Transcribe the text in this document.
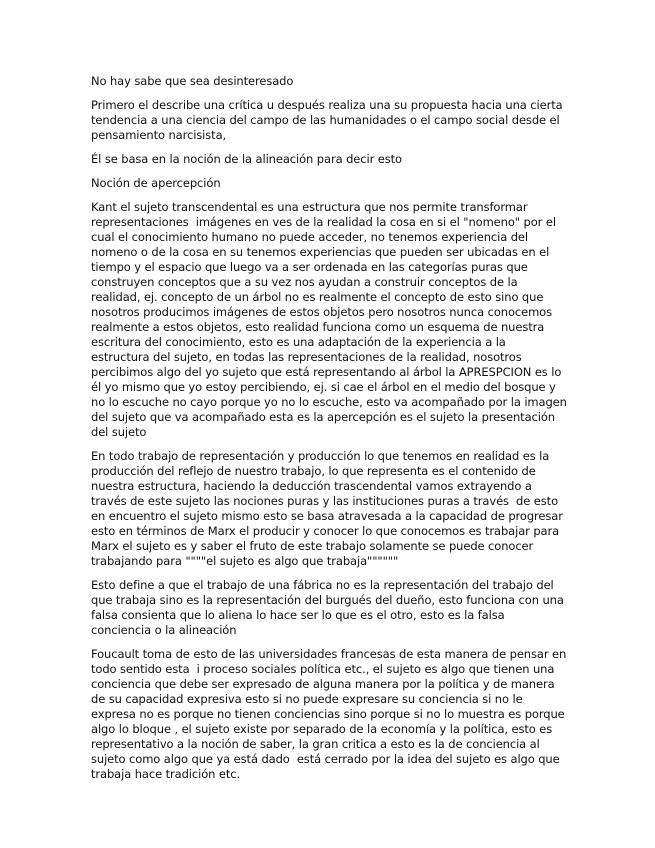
No hay sabe que sea desinteresado

Primero el describe una crítica u después realiza una su propuesta hacia una cierta tendencia a una ciencia del campo de las humanidades o el campo social desde el pensamiento narcisista,

Él se basa en la noción de la alineación para decir esto

Noción de apercepción

Kant el sujeto transcendental es una estructura que nos permite transformar representaciones  imágenes en ves de la realidad la cosa en si el "nomeno" por el cual el conocimiento humano no puede acceder, no tenemos experiencia del nomeno o de la cosa en su tenemos experiencias que pueden ser ubicadas en el tiempo y el espacio que luego va a ser ordenada en las categorías puras que construyen conceptos que a su vez nos ayudan a construir conceptos de la realidad, ej. concepto de un árbol no es realmente el concepto de esto sino que nosotros producimos imágenes de estos objetos pero nosotros nunca conocemos realmente a estos objetos, esto realidad funciona como un esquema de nuestra escritura del conocimiento, esto es una adaptación de la experiencia a la estructura del sujeto, en todas las representaciones de la realidad, nosotros percibimos algo del yo sujeto que está representando al árbol la APRESPCION es lo él yo mismo que yo estoy percibiendo, ej. si cae el árbol en el medio del bosque y no lo escuche no cayo porque yo no lo escuche, esto va acompañado por la imagen del sujeto que va acompañado esta es la apercepción es el sujeto la presentación del sujeto

En todo trabajo de representación y producción lo que tenemos en realidad es la producción del reflejo de nuestro trabajo, lo que representa es el contenido de nuestra estructura, haciendo la deducción trascendental vamos extrayendo a través de este sujeto las nociones puras y las instituciones puras a través  de esto  en encuentro el sujeto mismo esto se basa atravesada a la capacidad de progresar esto en términos de Marx el producir y conocer lo que conocemos es trabajar para Marx el sujeto es y saber el fruto de este trabajo solamente se puede conocer trabajando para """"el sujeto es algo que trabaja""""""

Esto define a que el trabajo de una fábrica no es la representación del trabajo del que trabaja sino es la representación del burgués del dueño, esto funciona con una falsa consienta que lo aliena lo hace ser lo que es el otro, esto es la falsa conciencia o la alineación

Foucault toma de esto de las universidades francesas de esta manera de pensar en todo sentido esta  i proceso sociales política etc., el sujeto es algo que tienen una conciencia que debe ser expresado de alguna manera por la política y de manera de su capacidad expresiva esto si no puede expresare su conciencia si no le expresa no es porque no tienen conciencias sino porque si no lo muestra es porque algo lo bloque , el sujeto existe por separado de la economía y la política, esto es representativo a la noción de saber, la gran critica a esto es la de conciencia al sujeto como algo que ya está dado  está cerrado por la idea del sujeto es algo que trabaja hace tradición etc.
